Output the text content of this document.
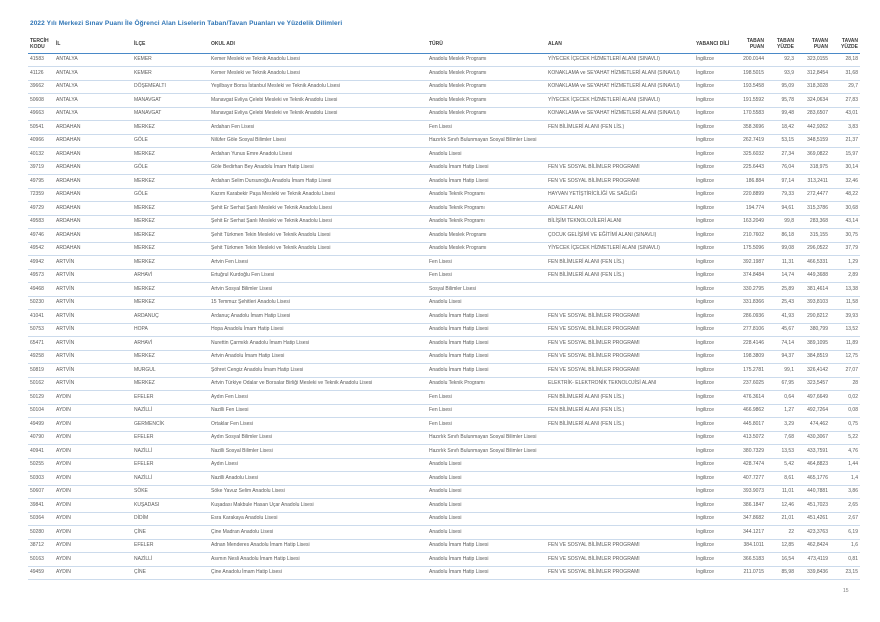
2022 Yılı Merkezi Sınav Puanı İle Öğrenci Alan Liselerin Taban/Tavan Puanları ve Yüzdelik Dilimleri
TERCİH KODU	İL	İLÇE	OKUL ADI	TÜRÜ	ALAN	YABANCI DİLİ	TABAN PUAN	TABAN YÜZDE	TAVAN PUAN	TAVAN YÜZDE
41583	ANTALYA	KEMER	Kemer Mesleki ve Teknik Anadolu Lisesi	Anadolu Meslek Programı	YİYECEK İÇECEK HİZMETLERİ ALANI (SINAVLI)	İngilizce	200.0144	92,3	323,0155	28,18
41126	ANTALYA	KEMER	Kemer Mesleki ve Teknik Anadolu Lisesi	Anadolu Meslek Programı	KONAKLAMA ve SEYAHAT HİZMETLERİ ALANI (SINAVLI)	İngilizce	198.5015	93,9	312,8454	31,68
39662	ANTALYA	DÖŞEMEALTI	Yeşilbayır Borsa İstanbul Mesleki ve Teknik Anadolu Lisesi	Anadolu Meslek Programı	KONAKLAMA ve SEYAHAT HİZMETLERİ ALANI (SINAVLI)	İngilizce	193.5458	95,09	318,3028	29,7
50608	ANTALYA	MANAVGAT	Manavgat Evliya Çelebi Mesleki ve Teknik Anadolu Lisesi	Anadolu Meslek Programı	YİYECEK İÇECEK HİZMETLERİ ALANI (SINAVLI)	İngilizce	191.5592	95,78	324,0634	27,83
49663	ANTALYA	MANAVGAT	Manavgat Evliya Çelebi Mesleki ve Teknik Anadolu Lisesi	Anadolu Meslek Programı	KONAKLAMA ve SEYAHAT HİZMETLERİ ALANI (SINAVLI)	İngilizce	170.5583	99,48	283,6507	43,01
50541	ARDAHAN	MERKEZ	Ardahan Fen Lisesi	Fen Lisesi	FEN BİLİMLERİ ALANI (FEN LİS.)	İngilizce	358.3696	18,42	442,9262	3,83
40966	ARDAHAN	GÖLE	Nilüfer Göle Sosyal Bilimler Lisesi	Hazırlık Sınıfı Bulunmayan Sosyal Bilimler Lisesi		İngilizce	262.7419	53,15	348,5159	21,37
40132	ARDAHAN	MERKEZ	Ardahan Yunus Emre Anadolu Lisesi	Anadolu Lisesi		İngilizce	325.6032	27,34	369,0822	15,97
39719	ARDAHAN	GÖLE	Göle Bedirhan Bey Anadolu İmam Hatip Lisesi	Anadolu İmam Hatip Lisesi	FEN VE SOSYAL BİLİMLER PROGRAMI	İngilizce	225.6443	76,04	318,975	30,14
49795	ARDAHAN	MERKEZ	Ardahan Selim Dursunoğlu Anadolu İmam Hatip Lisesi	Anadolu İmam Hatip Lisesi	FEN VE SOSYAL BİLİMLER PROGRAMI	İngilizce	186.884	97,14	313,2411	32,46
72359	ARDAHAN	GÖLE	Kazım Karabekir Paşa Mesleki ve Teknik Anadolu Lisesi	Anadolu Teknik Programı	HAYVAN YETİŞTİRİCİLİĞİ VE SAĞLIĞI	İngilizce	220.8899	79,33	272,4477	48,22
49729	ARDAHAN	MERKEZ	Şehit Er Serhat Şanlı Mesleki ve Teknik Anadolu Lisesi	Anadolu Teknik Programı	ADALET ALANI	İngilizce	194.774	94,61	315,3786	30,68
49583	ARDAHAN	MERKEZ	Şehit Er Serhat Şanlı Mesleki ve Teknik Anadolu Lisesi	Anadolu Teknik Programı	BİLİŞİM TEKNOLOJİLERİ ALANI	İngilizce	163.2049	99,8	283,368	43,14
49746	ARDAHAN	MERKEZ	Şehit Türkmen Tekin Mesleki ve Teknik Anadolu Lisesi	Anadolu Meslek Programı	ÇOCUK GELİŞİMİ VE EĞİTİMİ ALANI (SINAVLI)	İngilizce	210.7602	86,18	315,155	30,75
49542	ARDAHAN	MERKEZ	Şehit Türkmen Tekin Mesleki ve Teknik Anadolu Lisesi	Anadolu Meslek Programı	YİYECEK İÇECEK HİZMETLERİ ALANI (SINAVLI)	İngilizce	175.5096	99,08	296,0522	37,79
49942	ARTVİN	MERKEZ	Artvin Fen Lisesi	Fen Lisesi	FEN BİLİMLERİ ALANI (FEN LİS.)	İngilizce	392.1987	11,31	466,5331	1,29
49573	ARTVİN	ARHAVİ	Ertuğrul Kurdoğlu Fen Lisesi	Fen Lisesi	FEN BİLİMLERİ ALANI (FEN LİS.)	İngilizce	374.8484	14,74	449,3688	2,89
49468	ARTVİN	MERKEZ	Artvin Sosyal Bilimler Lisesi	Sosyal Bilimler Lisesi		İngilizce	330.2795	25,89	381,4614	13,38
50230	ARTVİN	MERKEZ	15 Temmuz Şehitleri Anadolu Lisesi	Anadolu Lisesi		İngilizce	331.8366	25,43	393,8103	11,58
41041	ARTVİN	ARDANUÇ	Ardanuç Anadolu İmam Hatip Lisesi	Anadolu İmam Hatip Lisesi	FEN VE SOSYAL BİLİMLER PROGRAMI	İngilizce	286.0936	41,93	290,8212	39,93
50753	ARTVİN	HOPA	Hopa Anadolu İmam Hatip Lisesi	Anadolu İmam Hatip Lisesi	FEN VE SOSYAL BİLİMLER PROGRAMI	İngilizce	277.8106	45,67	380,799	13,52
65471	ARTVİN	ARHAVİ	Nurettin Çarmıklı Anadolu İmam Hatip Lisesi	Anadolu İmam Hatip Lisesi	FEN VE SOSYAL BİLİMLER PROGRAMI	İngilizce	228.4146	74,14	389,1095	11,89
49258	ARTVİN	MERKEZ	Artvin Anadolu İmam Hatip Lisesi	Anadolu İmam Hatip Lisesi	FEN VE SOSYAL BİLİMLER PROGRAMI	İngilizce	198.3809	94,37	384,8519	12,75
50819	ARTVİN	MURGUL	Şöhret Cengiz Anadolu İmam Hatip Lisesi	Anadolu İmam Hatip Lisesi	FEN VE SOSYAL BİLİMLER PROGRAMI	İngilizce	175.2781	99,1	326,4142	27,07
50162	ARTVİN	MERKEZ	Artvin Türkiye Odalar ve Borsalar Birliği Mesleki ve Teknik Anadolu Lisesi	Anadolu Teknik Programı	ELEKTRİK- ELEKTRONİK TEKNOLOJİSİ ALANI	İngilizce	237.6025	67,95	323,5457	28
50129	AYDIN	EFELER	Aydın Fen Lisesi	Fen Lisesi	FEN BİLİMLERİ ALANI (FEN LİS.)	İngilizce	476.3614	0,64	497,6649	0,02
50104	AYDIN	NAZİLLİ	Nazilli Fen Lisesi	Fen Lisesi	FEN BİLİMLERİ ALANI (FEN LİS.)	İngilizce	466.9862	1,27	492,7264	0,08
49499	AYDIN	GERMENCİK	Ortaklar Fen Lisesi	Fen Lisesi	FEN BİLİMLERİ ALANI (FEN LİS.)	İngilizce	445.8017	3,29	474,462	0,75
40790	AYDIN	EFELER	Aydın Sosyal Bilimler Lisesi	Hazırlık Sınıfı Bulunmayan Sosyal Bilimler Lisesi		İngilizce	413.5072	7,68	430,3067	5,22
40941	AYDIN	NAZİLLİ	Nazilli Sosyal Bilimler Lisesi	Hazırlık Sınıfı Bulunmayan Sosyal Bilimler Lisesi		İngilizce	380.7329	13,53	433,7591	4,76
50255	AYDIN	EFELER	Aydın Lisesi	Anadolu Lisesi		İngilizce	428.7474	5,42	464,8823	1,44
50303	AYDIN	NAZİLLİ	Nazilli Anadolu Lisesi	Anadolu Lisesi		İngilizce	407.7277	8,61	465,1776	1,4
50607	AYDIN	SÖKE	Söke Yavuz Selim Anadolu Lisesi	Anadolu Lisesi		İngilizce	393.9073	11,01	440,7881	3,86
39841	AYDIN	KUŞADASI	Kuşadası Makbule Hasan Uçar Anadolu Lisesi	Anadolu Lisesi		İngilizce	386.1847	12,46	451,7023	2,65
50364	AYDIN	DİDİM	Esra Karakaya Anadolu Lisesi	Anadolu Lisesi		İngilizce	347.8682	21,01	451,4261	2,67
50280	AYDIN	ÇİNE	Çine Madran Anadolu Lisesi	Anadolu Lisesi		İngilizce	344.1217	22	423,3763	6,19
38712	AYDIN	EFELER	Adnan Menderes Anadolu İmam Hatip Lisesi	Anadolu İmam Hatip Lisesi	FEN VE SOSYAL BİLİMLER PROGRAMI	İngilizce	384.1011	12,85	462,8424	1,6
50163	AYDIN	NAZİLLİ	Asımın Nesli Anadolu İmam Hatip Lisesi	Anadolu İmam Hatip Lisesi	FEN VE SOSYAL BİLİMLER PROGRAMI	İngilizce	366.5183	16,54	473,4119	0,81
49459	AYDIN	ÇİNE	Çine Anadolu İmam Hatip Lisesi	Anadolu İmam Hatip Lisesi	FEN VE SOSYAL BİLİMLER PROGRAMI	İngilizce	211.0715	85,98	339,8436	23,15
15
